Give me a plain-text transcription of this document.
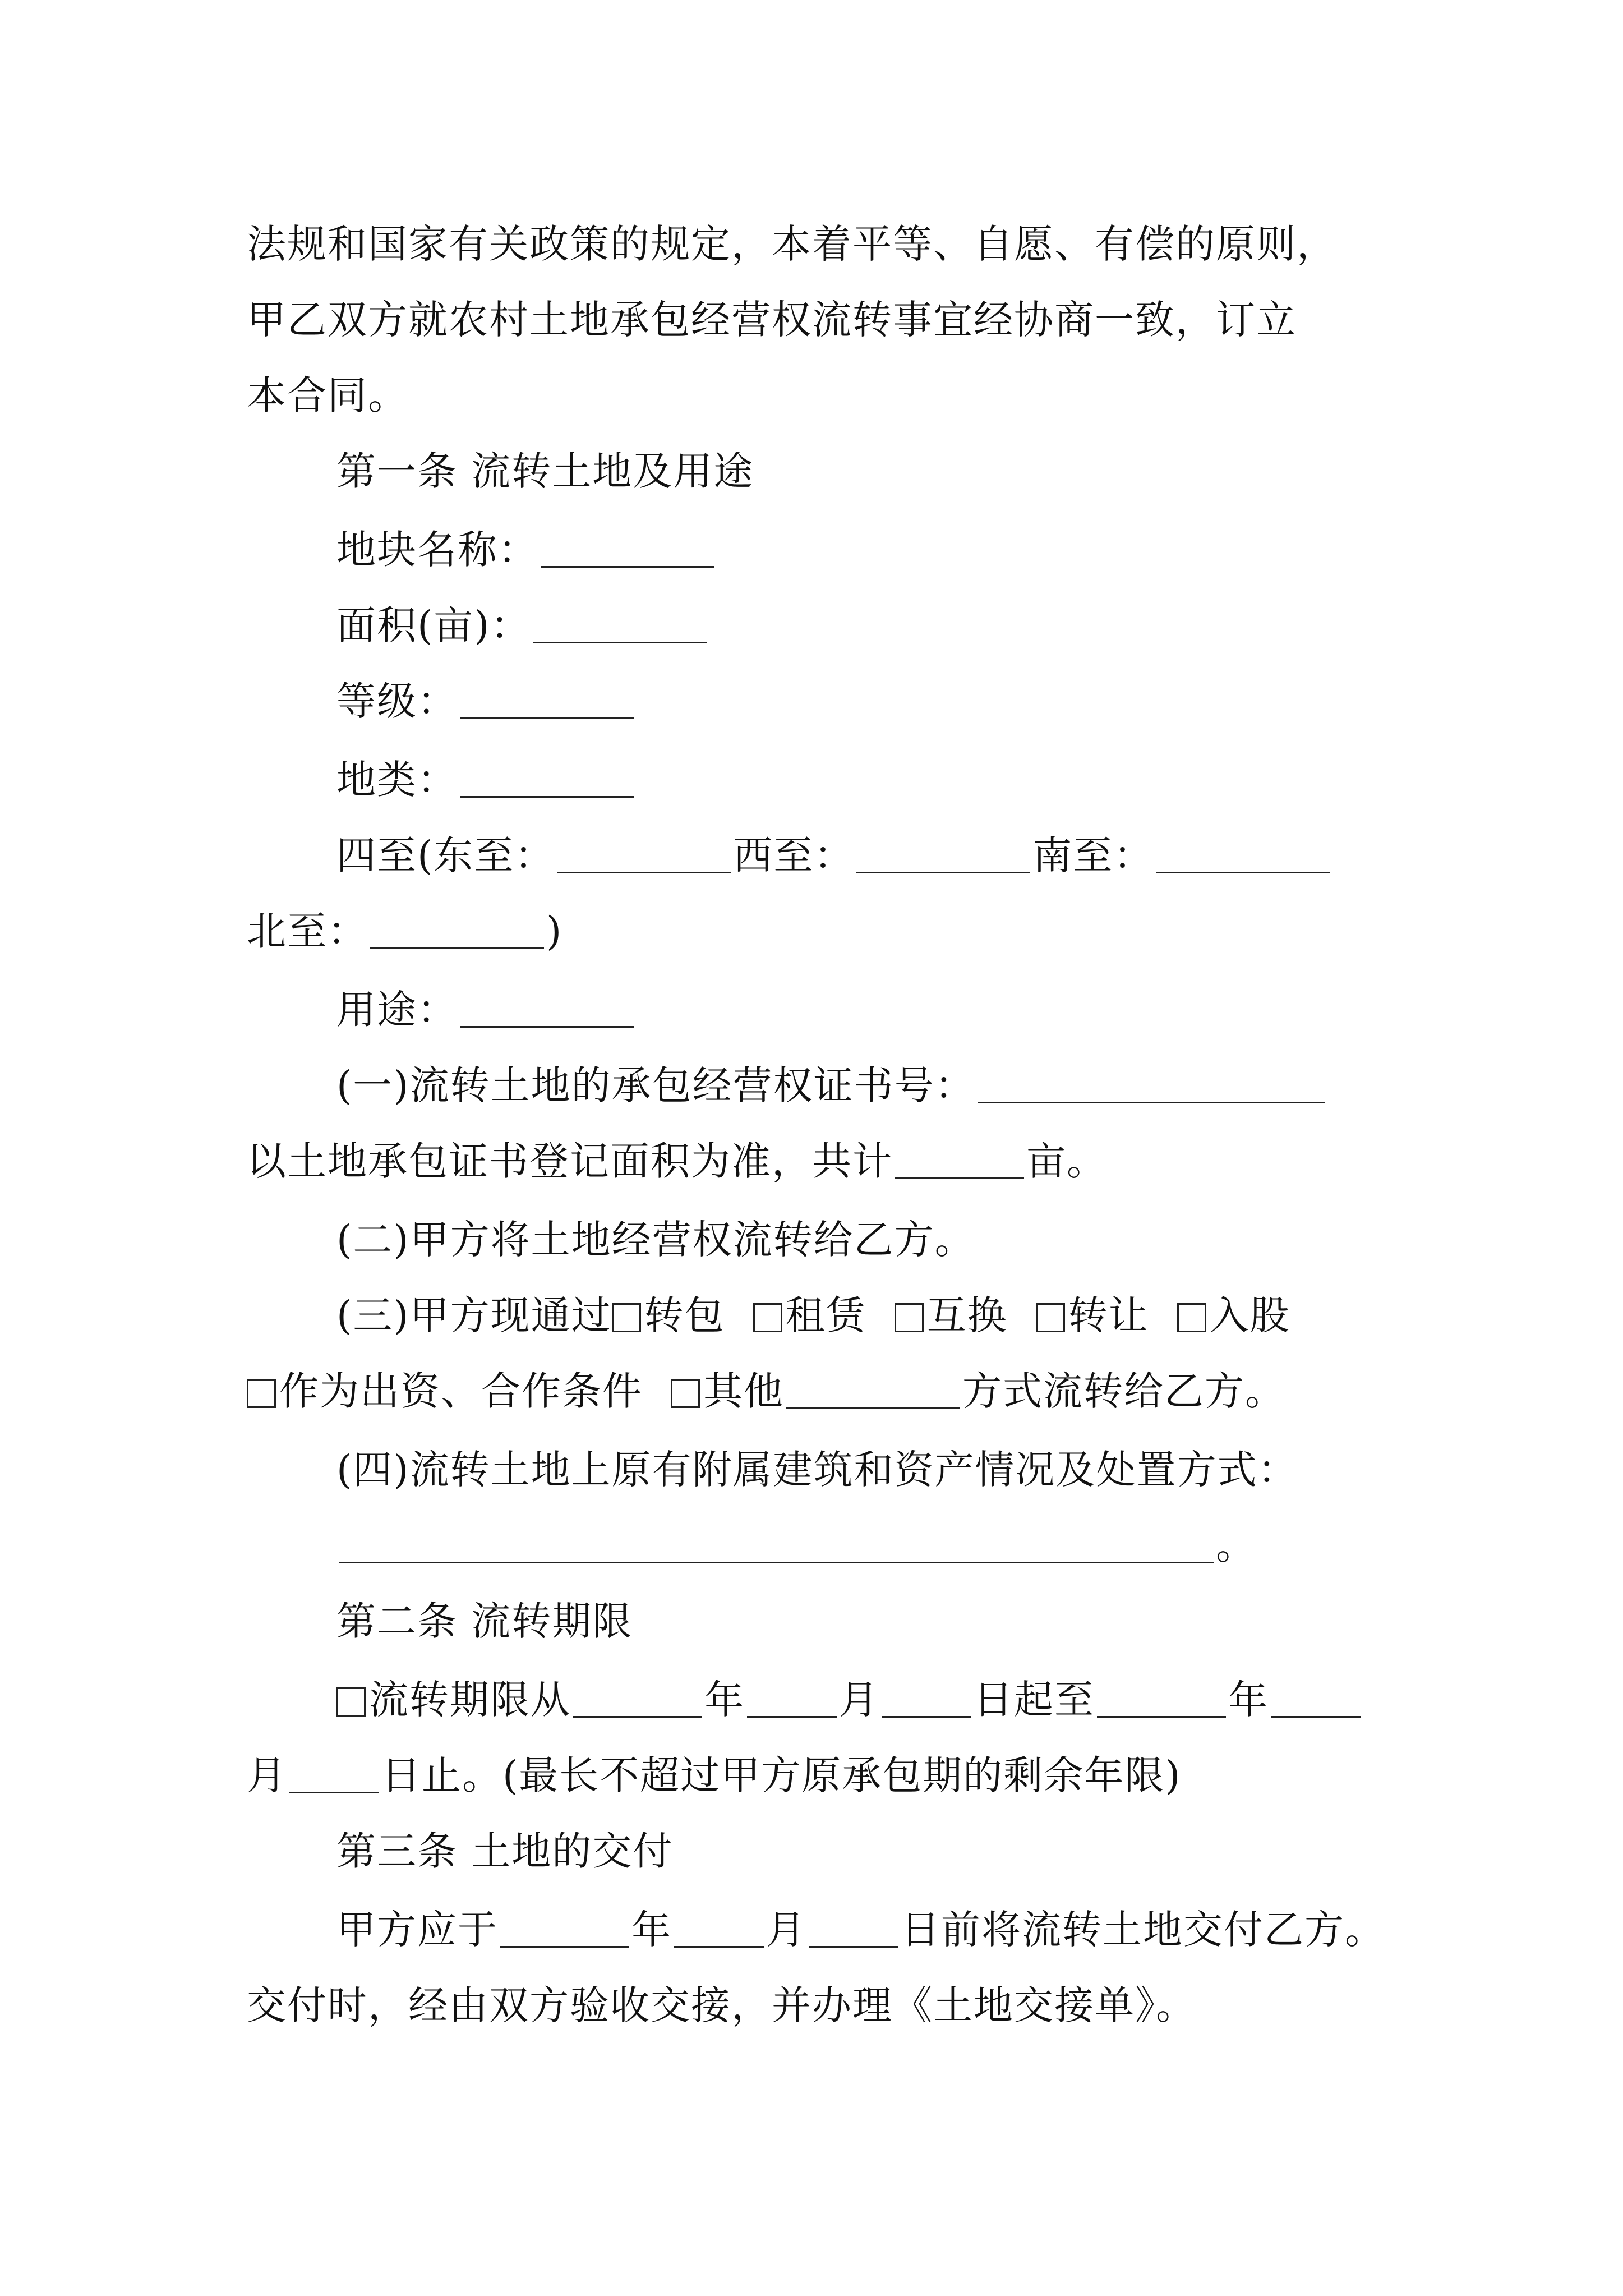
法规和国家有关政策的规定，本着平等、自愿、有偿的原则，
甲乙双方就农村土地承包经营权流转事宜经协商一致，订立
本合同。
第一条 流转土地及用途
地块名称：
面积(亩)：
等级：
地类：
四至(东至：	西至：	南至：
北至：	)
用途：
(一)流转土地的承包经营权证书号：
以土地承包证书登记面积为准，共计	亩。
(二)甲方将土地经营权流转给乙方。
(三)甲方现通过 转包 租赁 互换 转让 入股
作为出资、合作条件 其他	方式流转给乙方。
(四)流转土地上原有附属建筑和资产情况及处置方式：
。
第二条 流转期限
流转期限从	年 月 日起至	年
月 日止。(最长不超过甲方原承包期的剩余年限)
第三条 土地的交付
甲方应于	年 月 日前将流转土地交付乙方。
交付时，经由双方验收交接，并办理《土地交接单》。
